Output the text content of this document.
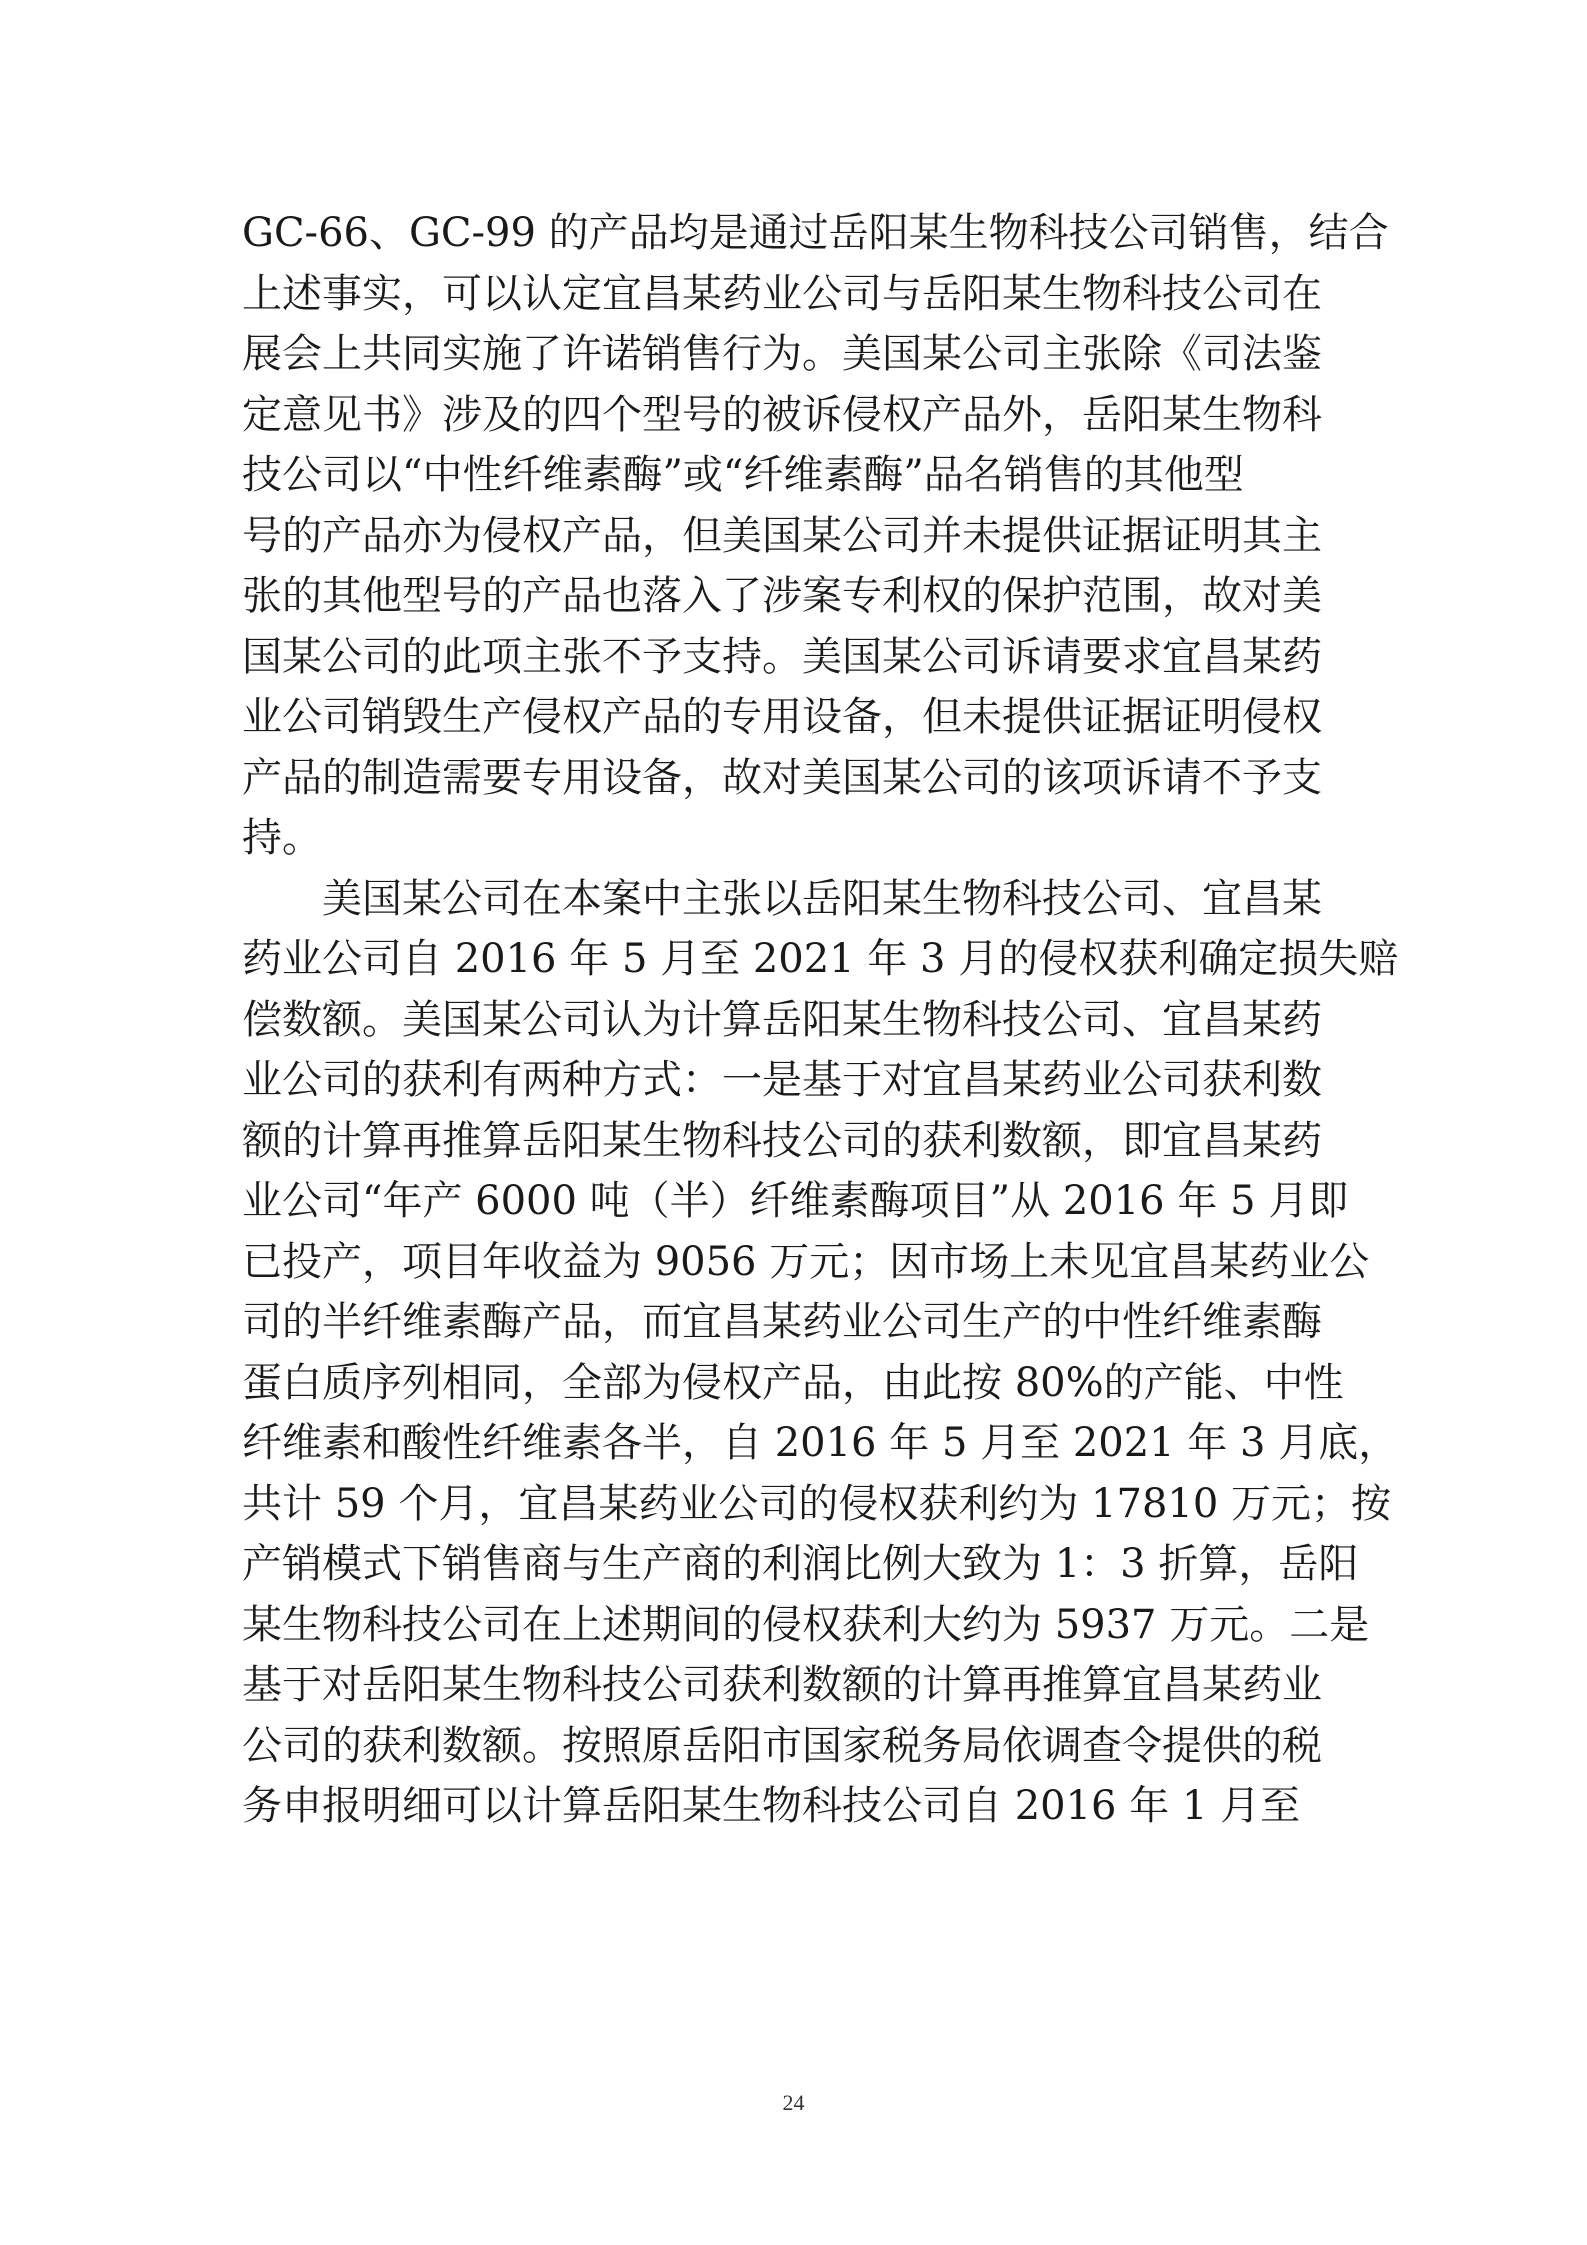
GC-66、GC-99 的产品均是通过岳阳某生物科技公司销售，结合
上述事实，可以认定宜昌某药业公司与岳阳某生物科技公司在
展会上共同实施了许诺销售行为。美国某公司主张除《司法鉴
定意见书》涉及的四个型号的被诉侵权产品外，岳阳某生物科
技公司以“中性纤维素酶”或“纤维素酶”品名销售的其他型
号的产品亦为侵权产品，但美国某公司并未提供证据证明其主
张的其他型号的产品也落入了涉案专利权的保护范围，故对美
国某公司的此项主张不予支持。美国某公司诉请要求宜昌某药
业公司销毁生产侵权产品的专用设备，但未提供证据证明侵权
产品的制造需要专用设备，故对美国某公司的该项诉请不予支
持。
美国某公司在本案中主张以岳阳某生物科技公司、宜昌某
药业公司自 2016 年 5 月至 2021 年 3 月的侵权获利确定损失赔
偿数额。美国某公司认为计算岳阳某生物科技公司、宜昌某药
业公司的获利有两种方式：一是基于对宜昌某药业公司获利数
额的计算再推算岳阳某生物科技公司的获利数额，即宜昌某药
业公司“年产 6000 吨（半）纤维素酶项目”从 2016 年 5 月即
已投产，项目年收益为 9056 万元；因市场上未见宜昌某药业公
司的半纤维素酶产品，而宜昌某药业公司生产的中性纤维素酶
蛋白质序列相同，全部为侵权产品，由此按 80%的产能、中性
纤维素和酸性纤维素各半，自 2016 年 5 月至 2021 年 3 月底，
共计 59 个月，宜昌某药业公司的侵权获利约为 17810 万元；按
产销模式下销售商与生产商的利润比例大致为 1：3 折算，岳阳
某生物科技公司在上述期间的侵权获利大约为 5937 万元。二是
基于对岳阳某生物科技公司获利数额的计算再推算宜昌某药业
公司的获利数额。按照原岳阳市国家税务局依调查令提供的税
务申报明细可以计算岳阳某生物科技公司自 2016 年 1 月至
24
